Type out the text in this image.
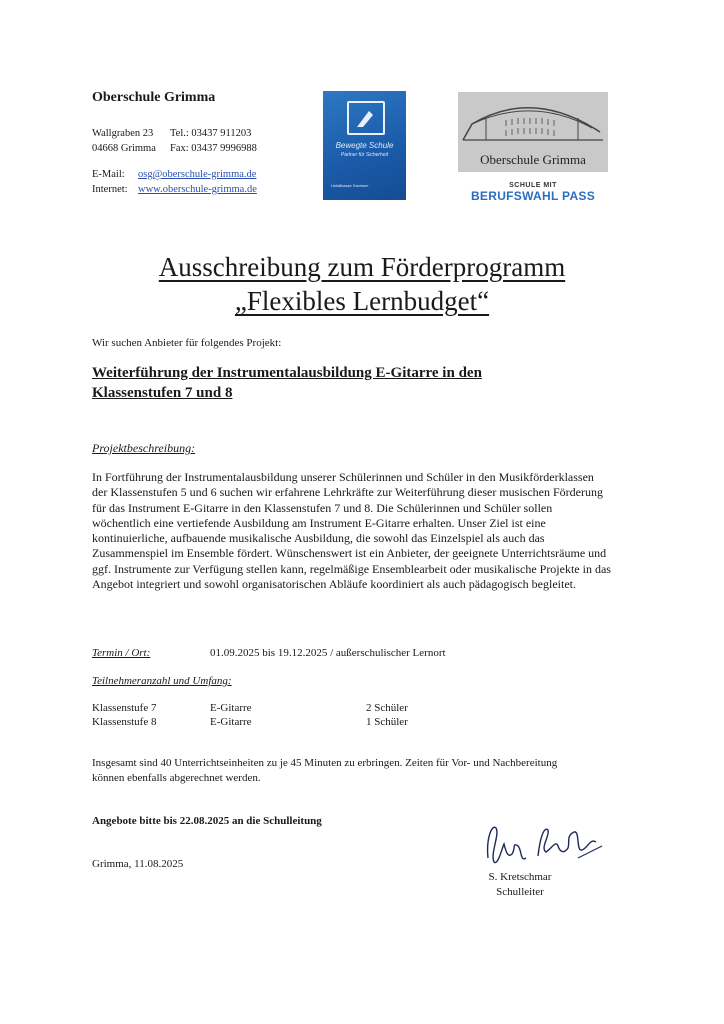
Oberschule Grimma
Wallgraben 23	Tel.: 03437 911203
04668 Grimma	Fax: 03437 9996988
E-Mail:	osg@oberschule-grimma.de
Internet: www.oberschule-grimma.de
Bewegte Schule
Partner für Sicherheit
Unfallkasse Sachsen
Oberschule Grimma
SCHULE MIT
BERUFSWAHL PASS
Ausschreibung zum Förderprogramm
„Flexibles Lernbudget“
Wir suchen Anbieter für folgendes Projekt:
Weiterführung der Instrumentalausbildung E-Gitarre in den Klassenstufen 7 und 8
Projektbeschreibung:
In Fortführung der Instrumentalausbildung unserer Schülerinnen und Schüler in den Musikförderklassen der Klassenstufen 5 und 6 suchen wir erfahrene Lehrkräfte zur Weiterführung dieser musischen Förderung für das Instrument E-Gitarre in den Klassenstufen 7 und 8. Die Schülerinnen und Schüler sollen wöchentlich eine vertiefende Ausbildung am Instrument E-Gitarre erhalten. Unser Ziel ist eine kontinuierliche, aufbauende musikalische Ausbildung, die sowohl das Einzelspiel als auch das Zusammenspiel im Ensemble fördert. Wünschenswert ist ein Anbieter, der geeignete Unterrichtsräume und ggf. Instrumente zur Verfügung stellen kann, regelmäßige Ensemblearbeit oder musikalische Projekte in das Angebot integriert und sowohl organisatorischen Abläufe koordiniert als auch pädagogisch begleitet.
Termin / Ort:	01.09.2025 bis 19.12.2025 / außerschulischer Lernort
Teilnehmeranzahl und Umfang:
Klassenstufe 7	E-Gitarre	2 Schüler
Klassenstufe 8	E-Gitarre	1 Schüler
Insgesamt sind 40 Unterrichtseinheiten zu je 45 Minuten zu erbringen. Zeiten für Vor- und Nachbereitung können ebenfalls abgerechnet werden.
Angebote bitte bis 22.08.2025 an die Schulleitung
Grimma, 11.08.2025
S. Kretschmar
Schulleiter
